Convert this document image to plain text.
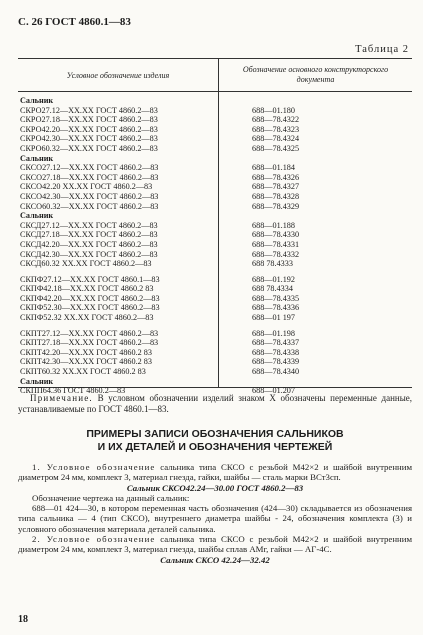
С. 26 ГОСТ 4860.1—83
Таблица 2
Условное обозначение изделия
Обозначение основного конструкторского документа
Сальник
СКРО27.12—XX.XX ГОСТ 4860.2—83	688—01.180
СКРО27.18—XX.XX ГОСТ 4860.2—83	688—78.4322
СКРО42.20—XX.XX ГОСТ 4860.2—83	688—78.4323
СКРО42.30—XX.XX ГОСТ 4860.2—83	688—78.4324
СКРО60.32—XX.XX ГОСТ 4860.2—83	688—78.4325
Сальник
СКСО27.12—XX.XX ГОСТ 4860.2—83	688—01.184
СКСО27.18—XX.XX ГОСТ 4860.2—83	688—78.4326
СКСО42.20 XX.XX ГОСТ 4860.2—83	688—78.4327
СКСО42.30—XX.XX ГОСТ 4860.2—83	688—78.4328
СКСО60.32—XX.XX ГОСТ 4860.2—83	688—78.4329
Сальник
СКСД27.12—XX.XX ГОСТ 4860.2—83	688—01.188
СКСД27.18—XX.XX ГОСТ 4860.2—83	688—78.4330
СКСД42.20—XX.XX ГОСТ 4860.2—83	688—78.4331
СКСД42.30—XX.XX ГОСТ 4860.2—83	688—78.4332
СКСД60.32 XX.XX ГОСТ 4860.2—83	688 78.4333
СКПФ27.12—XX.XX ГОСТ 4860.1—83	688—01.192
СКПФ42.18—XX.XX ГОСТ 4860.2 83	688 78.4334
СКПФ42.20—XX.XX ГОСТ 4860.2—83	688—78.4335
СКПФ52.30—XX.XX ГОСТ 4860.2—83	688—78.4336
СКПФ52.32 XX.XX ГОСТ 4860.2—83	688—01 197
СКПТ27.12—XX.XX ГОСТ 4860.2—83	688—01.198
СКПТ27.18—XX.XX ГОСТ 4860.2—83	688—78.4337
СКПТ42.20—XX.XX ГОСТ 4860.2 83	688—78.4338
СКПТ42.30—XX.XX ГОСТ 4860.2 83	688—78.4339
СКПТ60.32 XX.XX ГОСТ 4860.2 83	688—78.4340
Сальник
СКПП64.36 ГОСТ 4860.2—83	688—01.207
Примечание. В условном обозначении изделий знаком X обозначены переменные данные, устанавливаемые по ГОСТ 4860.1—83.
ПРИМЕРЫ ЗАПИСИ ОБОЗНАЧЕНИЯ САЛЬНИКОВ
И ИХ ДЕТАЛЕЙ И ОБОЗНАЧЕНИЯ ЧЕРТЕЖЕЙ

1. Условное обозначение сальника типа СКСО с резьбой М42×2 и шайбой внутренним диаметром 24 мм, комплект 3, материал гнезда, гайки, шайбы — сталь марки ВСт3сп.

Сальник СКСО42.24—30.00 ГОСТ 4860.2—83

Обозначение чертежа на данный сальник:

688—01 424—30, в котором переменная часть обозначения (424—30) складывается из обозначения типа сальника — 4 (тип СКСО), внутреннего диаметра шайбы - 24, обозначения комплекта (3) и условного обозначения материала деталей сальника.

2. Условное обозначение сальника типа СКСО с резьбой М42×2 и шайбой внутренним диаметром 24 мм, комплект 3, материал гнезда, шайбы сплав АМг, гайки — АГ-4С.

Сальник СКСО 42.24—32.42

18
